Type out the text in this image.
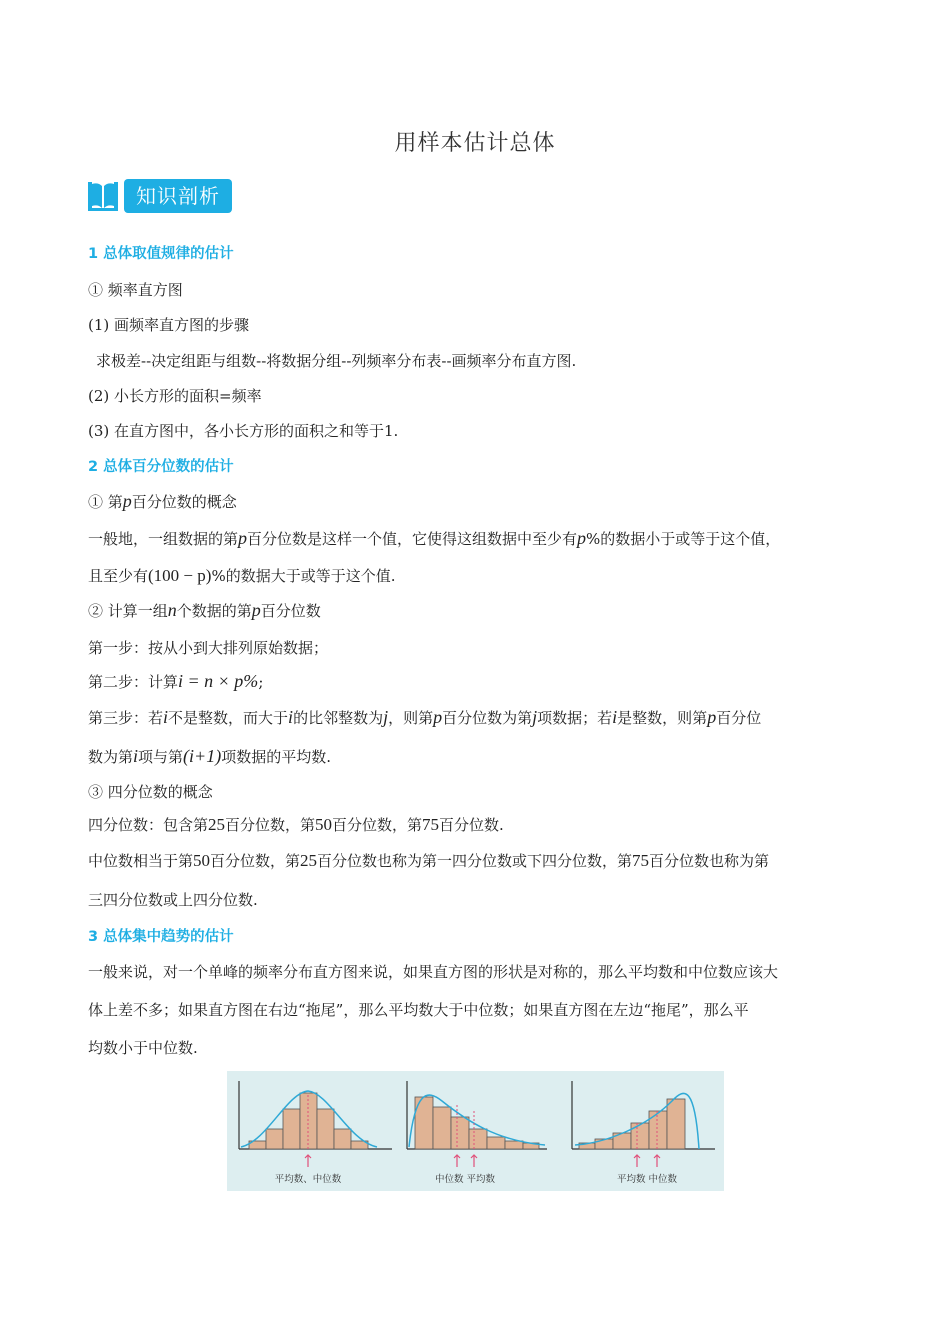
用样本估计总体
知识剖析
1 总体取值规律的估计
① 频率直方图
(1) 画频率直方图的步骤
求极差--决定组距与组数--将数据分组--列频率分布表--画频率分布直方图.
(2) 小长方形的面积=频率
(3) 在直方图中，各小长方形的面积之和等于1.
2 总体百分位数的估计
① 第p百分位数的概念
一般地，一组数据的第p百分位数是这样一个值，它使得这组数据中至少有p%的数据小于或等于这个值，
且至少有(100 − p)%的数据大于或等于这个值.
② 计算一组n个数据的第p百分位数
第一步：按从小到大排列原始数据；
第二步：计算i = n × p%;
第三步：若i不是整数，而大于i的比邻整数为j，则第p百分位数为第j项数据；若i是整数，则第p百分位
数为第i项与第(i+1)项数据的平均数.
③ 四分位数的概念
四分位数：包含第25百分位数，第50百分位数，第75百分位数.
中位数相当于第50百分位数，第25百分位数也称为第一四分位数或下四分位数，第75百分位数也称为第
三四分位数或上四分位数.
3 总体集中趋势的估计
一般来说，对一个单峰的频率分布直方图来说，如果直方图的形状是对称的，那么平均数和中位数应该大
体上差不多；如果直方图在右边“拖尾”，那么平均数大于中位数；如果直方图在左边“拖尾”，那么平
均数小于中位数.
平均数、中位数	中位数 平均数	平均数 中位数
